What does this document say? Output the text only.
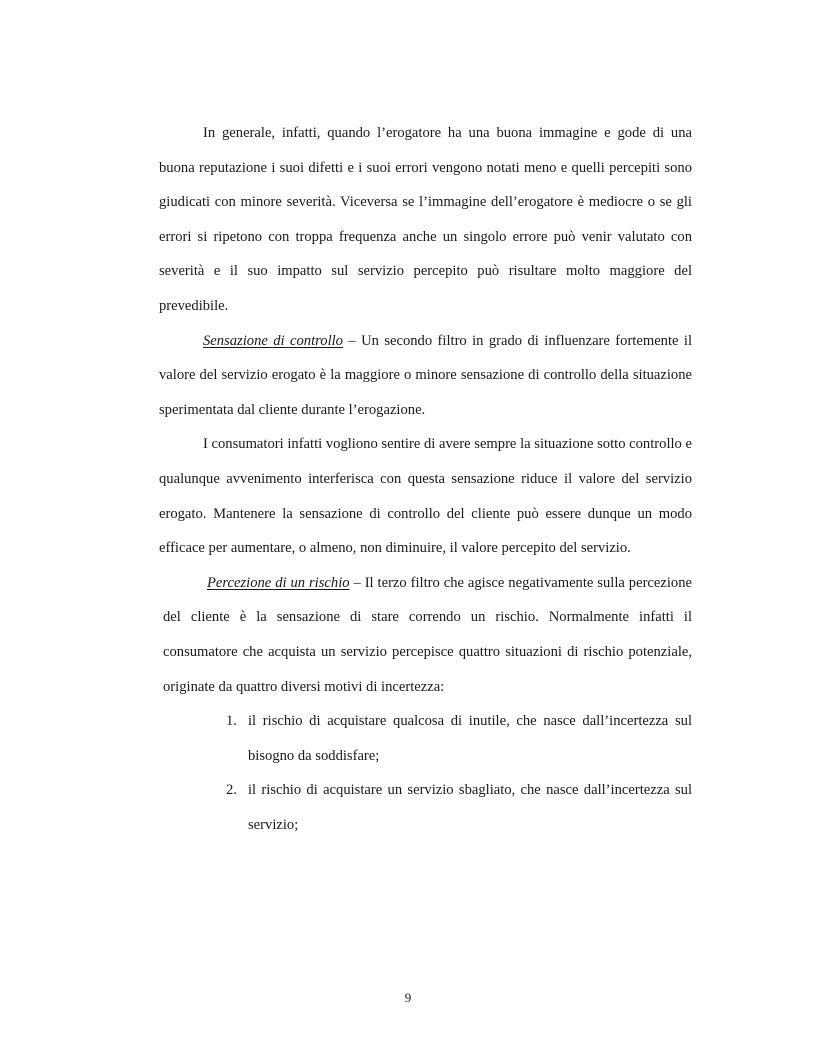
In generale, infatti, quando l’erogatore ha una buona immagine e gode di una buona reputazione i suoi difetti e i suoi errori vengono notati meno e quelli percepiti sono giudicati con minore severità. Viceversa se l’immagine dell’erogatore è mediocre o se gli errori si ripetono con troppa frequenza anche un singolo errore può venir valutato con severità e il suo impatto sul servizio percepito può risultare molto maggiore del prevedibile.

Sensazione di controllo – Un secondo filtro in grado di influenzare fortemente il valore del servizio erogato è la maggiore o minore sensazione di controllo della situazione sperimentata dal cliente durante l’erogazione.

I consumatori infatti vogliono sentire di avere sempre la situazione sotto controllo e qualunque avvenimento interferisca con questa sensazione riduce il valore del servizio erogato. Mantenere la sensazione di controllo del cliente può essere dunque un modo efficace per aumentare, o almeno, non diminuire, il valore percepito del servizio.

Percezione di un rischio – Il terzo filtro che agisce negativamente sulla percezione del cliente è la sensazione di stare correndo un rischio. Normalmente infatti il consumatore che acquista un servizio percepisce quattro situazioni di rischio potenziale, originate da quattro diversi motivi di incertezza:

1. il rischio di acquistare qualcosa di inutile, che nasce dall’incertezza sul bisogno da soddisfare;
2. il rischio di acquistare un servizio sbagliato, che nasce dall’incertezza sul servizio;
9
